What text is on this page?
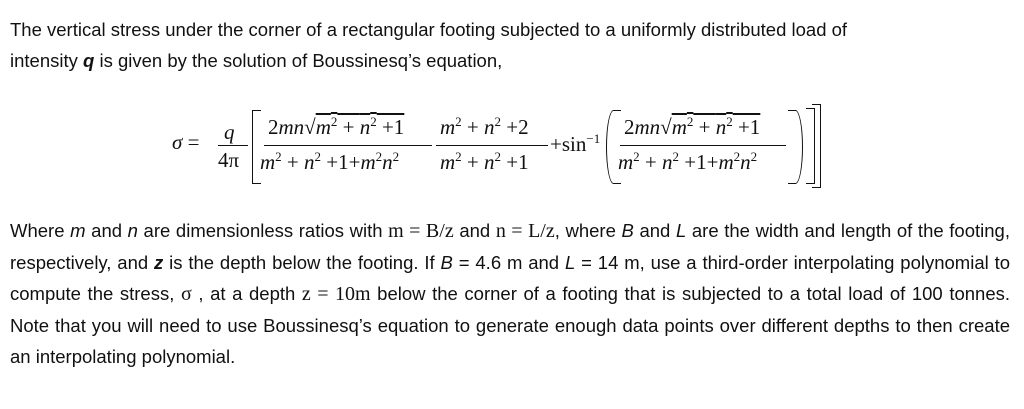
The vertical stress under the corner of a rectangular footing subjected to a uniformly distributed load of
intensity q is given by the solution of Boussinesq’s equation,
σ = q
4π
$2mn√m^2 + n^2 +1$
$m^2 + n^2 +1+m^2n^2$
$m^2 + n^2 +2$
$m^2 + n^2 +1$
$+\sin^{-1}$ $2mn√m^2 + n^2 +1$
$m^2 + n^2 +1+m^2n^2$
Where m and n are dimensionless ratios with m = B/z and n = L/z, where B and L are the width and length of the footing, respectively, and z is the depth below the footing. If B = 4.6 m and L = 14 m, use a third-order interpolating polynomial to compute the stress, σ , at a depth z = 10m below the corner of a footing that is subjected to a total load of 100 tonnes. Note that you will need to use Boussinesq’s equation to generate enough data points over different depths to then create an interpolating polynomial.
